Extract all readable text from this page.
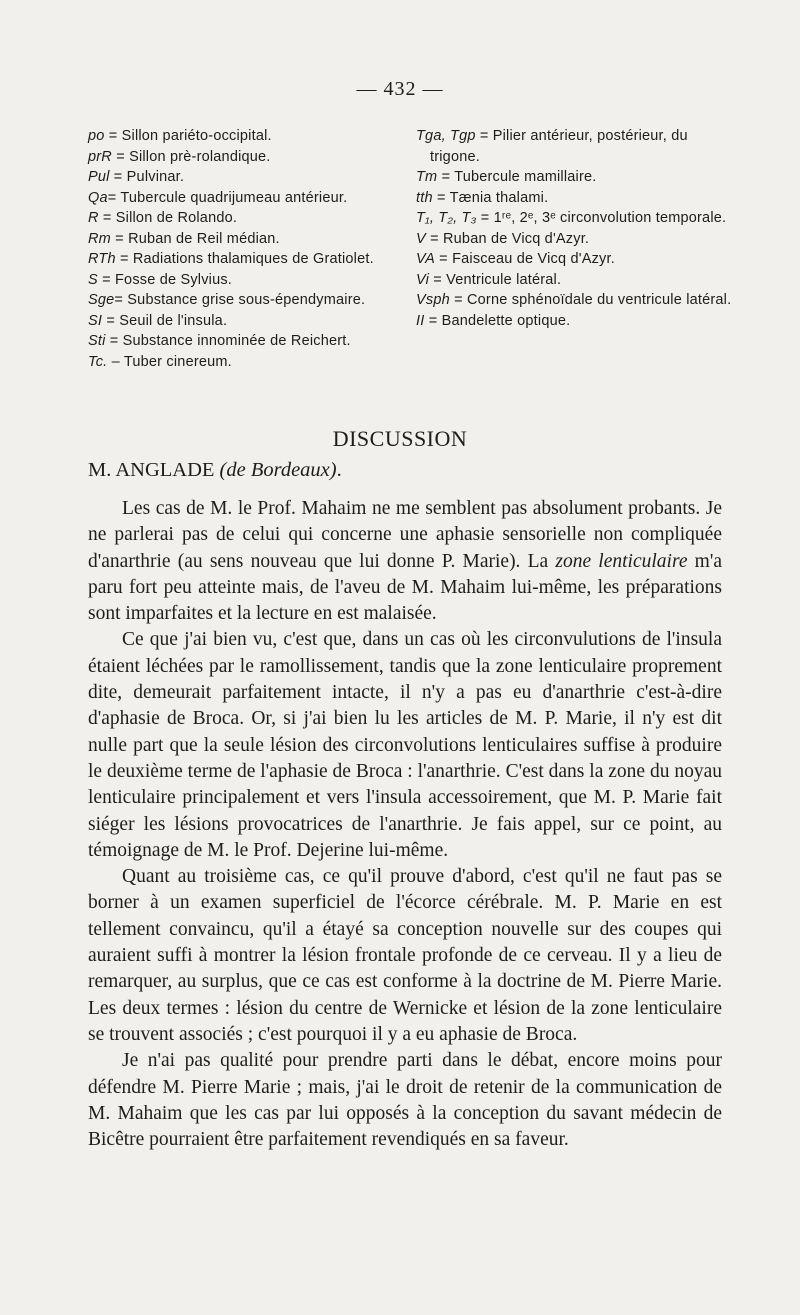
— 432 —
po = Sillon pariéto-occipital.
prR = Sillon prè-rolandique.
Pul = Pulvinar.
Qa= Tubercule quadrijumeau antérieur.
R = Sillon de Rolando.
Rm = Ruban de Reil médian.
RTh = Radiations thalamiques de Gratiolet.
S = Fosse de Sylvius.
Sge= Substance grise sous-épendymaire.
SI = Seuil de l'insula.
Sti = Substance innominée de Reichert.
Tc. – Tuber cinereum.
Tga, Tgp = Pilier antérieur, postérieur, du trigone.
Tm = Tubercule mamillaire.
tth = Tænia thalami.
T₁, T₂, T₃ = 1ʳᵉ, 2ᵉ, 3ᵉ circonvolution temporale.
V = Ruban de Vicq d'Azyr.
VA = Faisceau de Vicq d'Azyr.
Vi = Ventricule latéral.
Vsph = Corne sphénoïdale du ventricule latéral.
II = Bandelette optique.
DISCUSSION
M. ANGLADE (de Bordeaux).

Les cas de M. le Prof. Mahaim ne me semblent pas absolument probants. Je ne parlerai pas de celui qui concerne une aphasie sensorielle non compliquée d'anarthrie (au sens nouveau que lui donne P. Marie). La zone lenticulaire m'a paru fort peu atteinte mais, de l'aveu de M. Mahaim lui-même, les préparations sont imparfaites et la lecture en est malaisée.

Ce que j'ai bien vu, c'est que, dans un cas où les circonvulutions de l'insula étaient léchées par le ramollissement, tandis que la zone lenticulaire proprement dite, demeurait parfaitement intacte, il n'y a pas eu d'anarthrie c'est-à-dire d'aphasie de Broca. Or, si j'ai bien lu les articles de M. P. Marie, il n'y est dit nulle part que la seule lésion des circonvolutions lenticulaires suffise à produire le deuxième terme de l'aphasie de Broca : l'anarthrie. C'est dans la zone du noyau lenticulaire principalement et vers l'insula accessoirement, que M. P. Marie fait siéger les lésions provocatrices de l'anarthrie. Je fais appel, sur ce point, au témoignage de M. le Prof. Dejerine lui-même.

Quant au troisième cas, ce qu'il prouve d'abord, c'est qu'il ne faut pas se borner à un examen superficiel de l'écorce cérébrale. M. P. Marie en est tellement convaincu, qu'il a étayé sa conception nouvelle sur des coupes qui auraient suffi à montrer la lésion frontale profonde de ce cerveau. Il y a lieu de remarquer, au surplus, que ce cas est conforme à la doctrine de M. Pierre Marie. Les deux termes : lésion du centre de Wernicke et lésion de la zone lenticulaire se trouvent associés ; c'est pourquoi il y a eu aphasie de Broca.

Je n'ai pas qualité pour prendre parti dans le débat, encore moins pour défendre M. Pierre Marie ; mais, j'ai le droit de retenir de la communication de M. Mahaim que les cas par lui opposés à la conception du savant médecin de Bicêtre pourraient être parfaitement revendiqués en sa faveur.
